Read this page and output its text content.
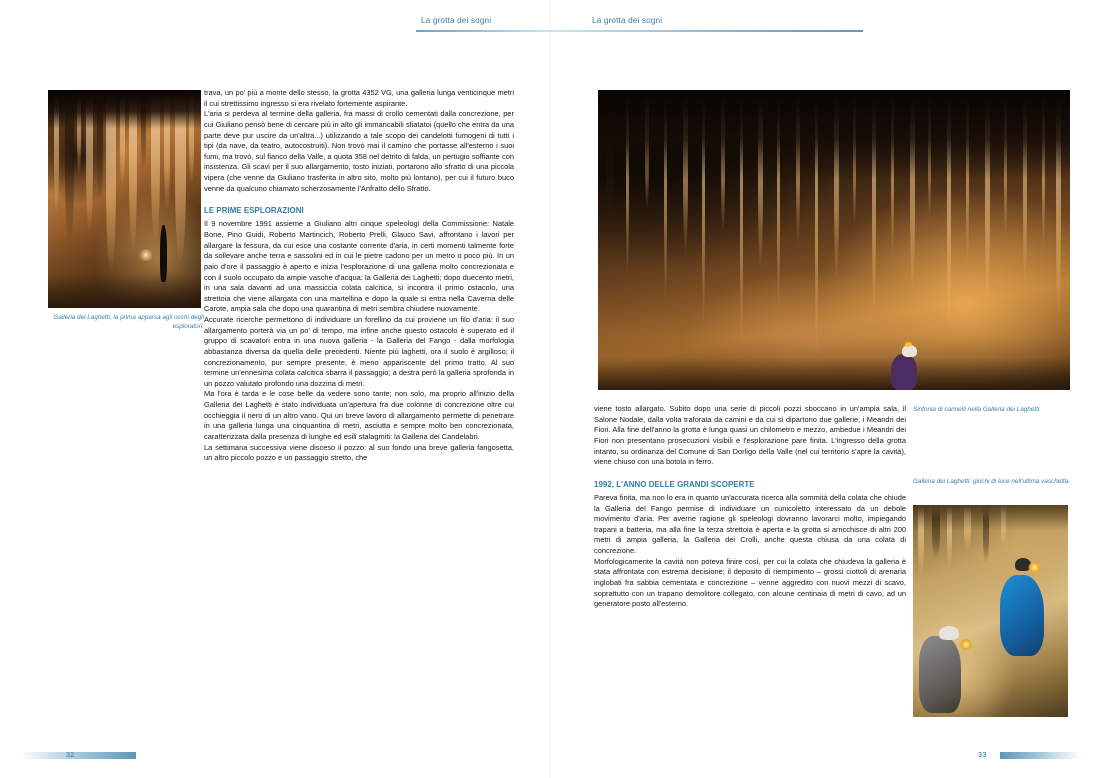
La grotta dei sogni	La grotta dei sogni
Galleria dei Laghetti, la prima apparsa agli occhi degli esploratori.

trava, un po' più a monte dello stesso, la grotta 4352 VG, una galleria lunga venticinque metri il cui strettissimo ingresso si era rivelato fortemente aspirante.

L'aria si perdeva al termine della galleria, fra massi di crollo cementati dalla concrezione, per cui Giuliano pensò bene di cercare più in alto gli immancabili sfiatatoi (quello che entra da una parte deve pur uscire da un'altra...) utilizzando a tale scopo dei candelotti fumogeni di tutti i tipi (da nave, da teatro, autocostruiti). Non trovò mai il camino che portasse all'esterno i suoi fumi, ma trovò, sul fianco della Valle, a quota 358 nel detrito di falda, un pertugio soffiante con insistenza. Gli scavi per il suo allargamento, tosto iniziati, portarono allo sfratto di una piccola vipera (che venne da Giuliano trasferita in altro sito, molto più lontano), per cui il futuro buco venne da qualcuno chiamato scherzosamente l'Anfratto dello Sfratto.

LE PRIME ESPLORAZIONI

Il 9 novembre 1991 assieme a Giuliano altri cinque speleologi della Commissione: Natale Bone, Pino Guidi, Roberto Martincich, Roberto Prelli, Glauco Savi, affrontano i lavori per allargare la fessura, da cui esce una costante corrente d'aria, in certi momenti talmente forte da sollevare anche terra e sassolini ed in cui le pietre cadono per un metro o poco più. In un paio d'ore il passaggio è aperto e inizia l'esplorazione di una galleria molto concrezionata e con il suolo occupato da ampie vasche d'acqua: la Galleria dei Laghetti; dopo duecento metri, in una sala davanti ad una massiccia colata calcitica, si incontra il primo ostacolo, una strettoia che viene allargata con una martellina e dopo la quale si entra nella Caverna delle Carote, ampia sala che dopo una quarantina di metri sembra chiudere nuovamente.

Accurate ricerche permettono di individuare un forellino da cui proviene un filo d'aria: il suo allargamento porterà via un po' di tempo, ma infine anche questo ostacolo è superato ed il gruppo di scavatori entra in una nuova galleria - la Galleria del Fango - dalla morfologia abbastanza diversa da quella delle precedenti. Niente più laghetti, ora il suolo è argilloso; il concrezionamento, pur sempre presente, è meno appariscente del primo tratto. Al suo termine un'ennesima colata calcitica sbarra il passaggio; a destra però la galleria sprofonda in un pozzo valutato profondo una dozzina di metri.

Ma l'ora è tarda e le cose belle da vedere sono tante; non solo, ma proprio all'inizio della Galleria dei Laghetti è stato individuata un'apertura fra due colonne di concrezione oltre cui occhieggia il nero di un altro vano. Qui un breve lavoro di allargamento permette di penetrare in una galleria lunga una cinquantina di metri, asciutta e sempre molto ben concrezionata, caratterizzata dalla presenza di lunghe ed esili stalagmiti: la Galleria dei Candelabri.

La settimana successiva viene disceso il pozzo: al suo fondo una breve galleria fangosetta, un altro piccolo pozzo e un passaggio stretto, che

Sinfonia di cannelli nella Galleria dei Laghetti.
Galleria dei Laghetti: giochi di luce nell'ultima vaschetta.

viene tosto allargato. Subito dopo una serie di piccoli pozzi sboccano in un'ampia sala, il Salone Nodale, dalla volta traforata da camini e da cui si dipartono due gallerie, i Meandri dei Fiori. Alla fine dell'anno la grotta è lunga quasi un chilometro e mezzo, ambedue i Meandri dei Fiori non presentano prosecuzioni visibili e l'esplorazione pare finita. L'ingresso della grotta intanto, su ordinanza del Comune di San Dorligo della Valle (nel cui territorio s'apre la cavità), viene chiuso con una botola in ferro.

1992, L'ANNO DELLE GRANDI SCOPERTE

Pareva finita, ma non lo era in quanto un'accurata ricerca alla sommità della colata che chiude la Galleria del Fango permise di individuare un cunicoletto interessato da un debole movimento d'aria. Per averne ragione gli speleologi dovranno lavorarci molto, impiegando trapani a batteria, ma alla fine la terza strettoia è aperta e la grotta si arricchisce di altri 200 metri di ampia galleria, la Galleria dei Crolli, anche questa chiusa da una colata di concrezione.

Morfologicamente la cavità non poteva finire così, per cui la colata che chiudeva la galleria è stata affrontata con estrema decisione; il deposito di riempimento – grossi ciottoli di arenaria inglobati fra sabbia cementata e concrezione – venne aggredito con nuovi mezzi di scavo, soprattutto con un trapano demolitore collegato, con alcune centinaia di metri di cavo, ad un generatore posto all'esterno.

32	33
